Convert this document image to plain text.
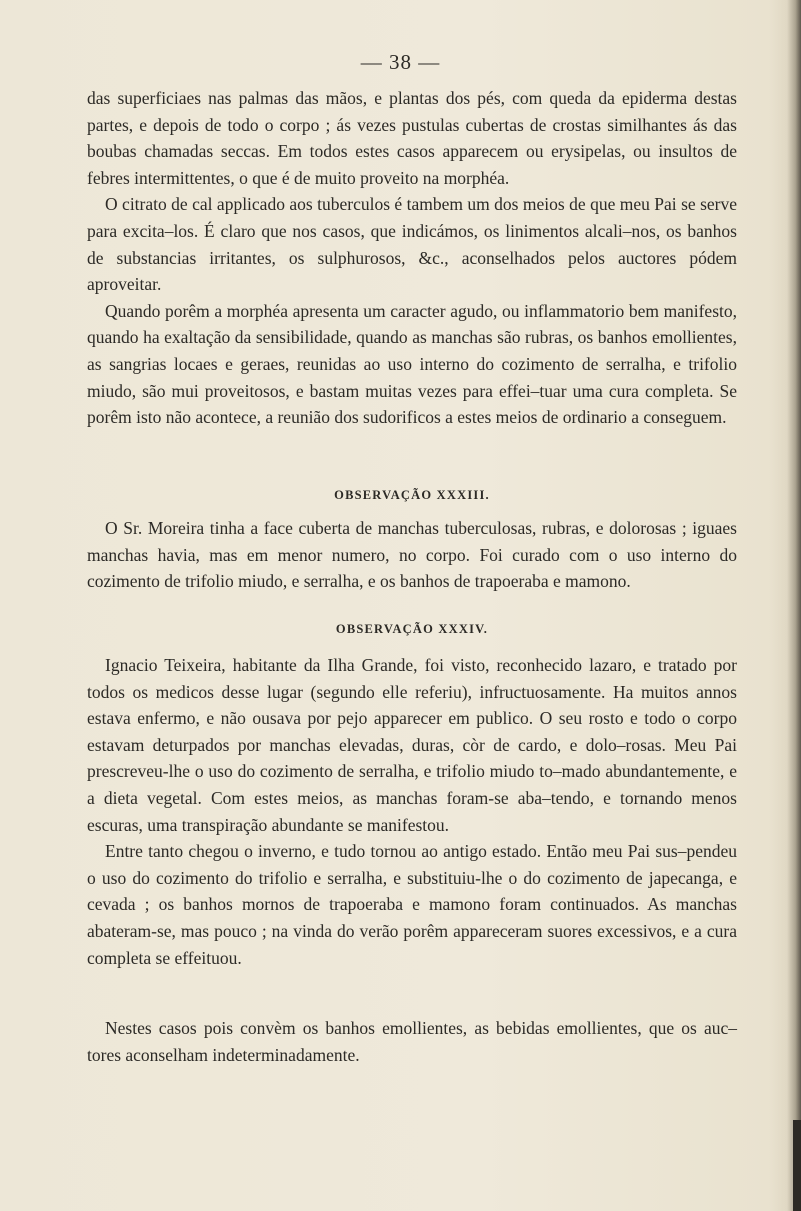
— 38 —

das superficiaes nas palmas das mãos, e plantas dos pés, com queda da epiderma destas partes, e depois de todo o corpo ; ás vezes pustulas cubertas de crostas similhantes ás das boubas chamadas seccas. Em todos estes casos apparecem ou erysipelas, ou insultos de febres intermittentes, o que é de muito proveito na morphéa.

O citrato de cal applicado aos tuberculos é tambem um dos meios de que meu Pai se serve para excita–los. É claro que nos casos, que indicámos, os linimentos alcali–nos, os banhos de substancias irritantes, os sulphurosos, &c., aconselhados pelos auctores pódem aproveitar.

Quando porêm a morphéa apresenta um caracter agudo, ou inflammatorio bem manifesto, quando ha exaltação da sensibilidade, quando as manchas são rubras, os banhos emollientes, as sangrias locaes e geraes, reunidas ao uso interno do cozimento de serralha, e trifolio miudo, são mui proveitosos, e bastam muitas vezes para effei–tuar uma cura completa. Se porêm isto não acontece, a reunião dos sudorificos a estes meios de ordinario a conseguem.

OBSERVAÇÃO XXXIII.

O Sr. Moreira tinha a face cuberta de manchas tuberculosas, rubras, e dolorosas ; iguaes manchas havia, mas em menor numero, no corpo. Foi curado com o uso interno do cozimento de trifolio miudo, e serralha, e os banhos de trapoeraba e mamono.

OBSERVAÇÃO XXXIV.

Ignacio Teixeira, habitante da Ilha Grande, foi visto, reconhecido lazaro, e tratado por todos os medicos desse lugar (segundo elle referiu), infructuosamente. Ha muitos annos estava enfermo, e não ousava por pejo apparecer em publico. O seu rosto e todo o corpo estavam deturpados por manchas elevadas, duras, còr de cardo, e dolo–rosas. Meu Pai prescreveu-lhe o uso do cozimento de serralha, e trifolio miudo to–mado abundantemente, e a dieta vegetal. Com estes meios, as manchas foram-se aba–tendo, e tornando menos escuras, uma transpiração abundante se manifestou.

Entre tanto chegou o inverno, e tudo tornou ao antigo estado. Então meu Pai sus–pendeu o uso do cozimento do trifolio e serralha, e substituiu-lhe o do cozimento de japecanga, e cevada ; os banhos mornos de trapoeraba e mamono foram continuados. As manchas abateram-se, mas pouco ; na vinda do verão porêm appareceram suores excessivos, e a cura completa se effeituou.

Nestes casos pois convèm os banhos emollientes, as bebidas emollientes, que os auc–tores aconselham indeterminadamente.
